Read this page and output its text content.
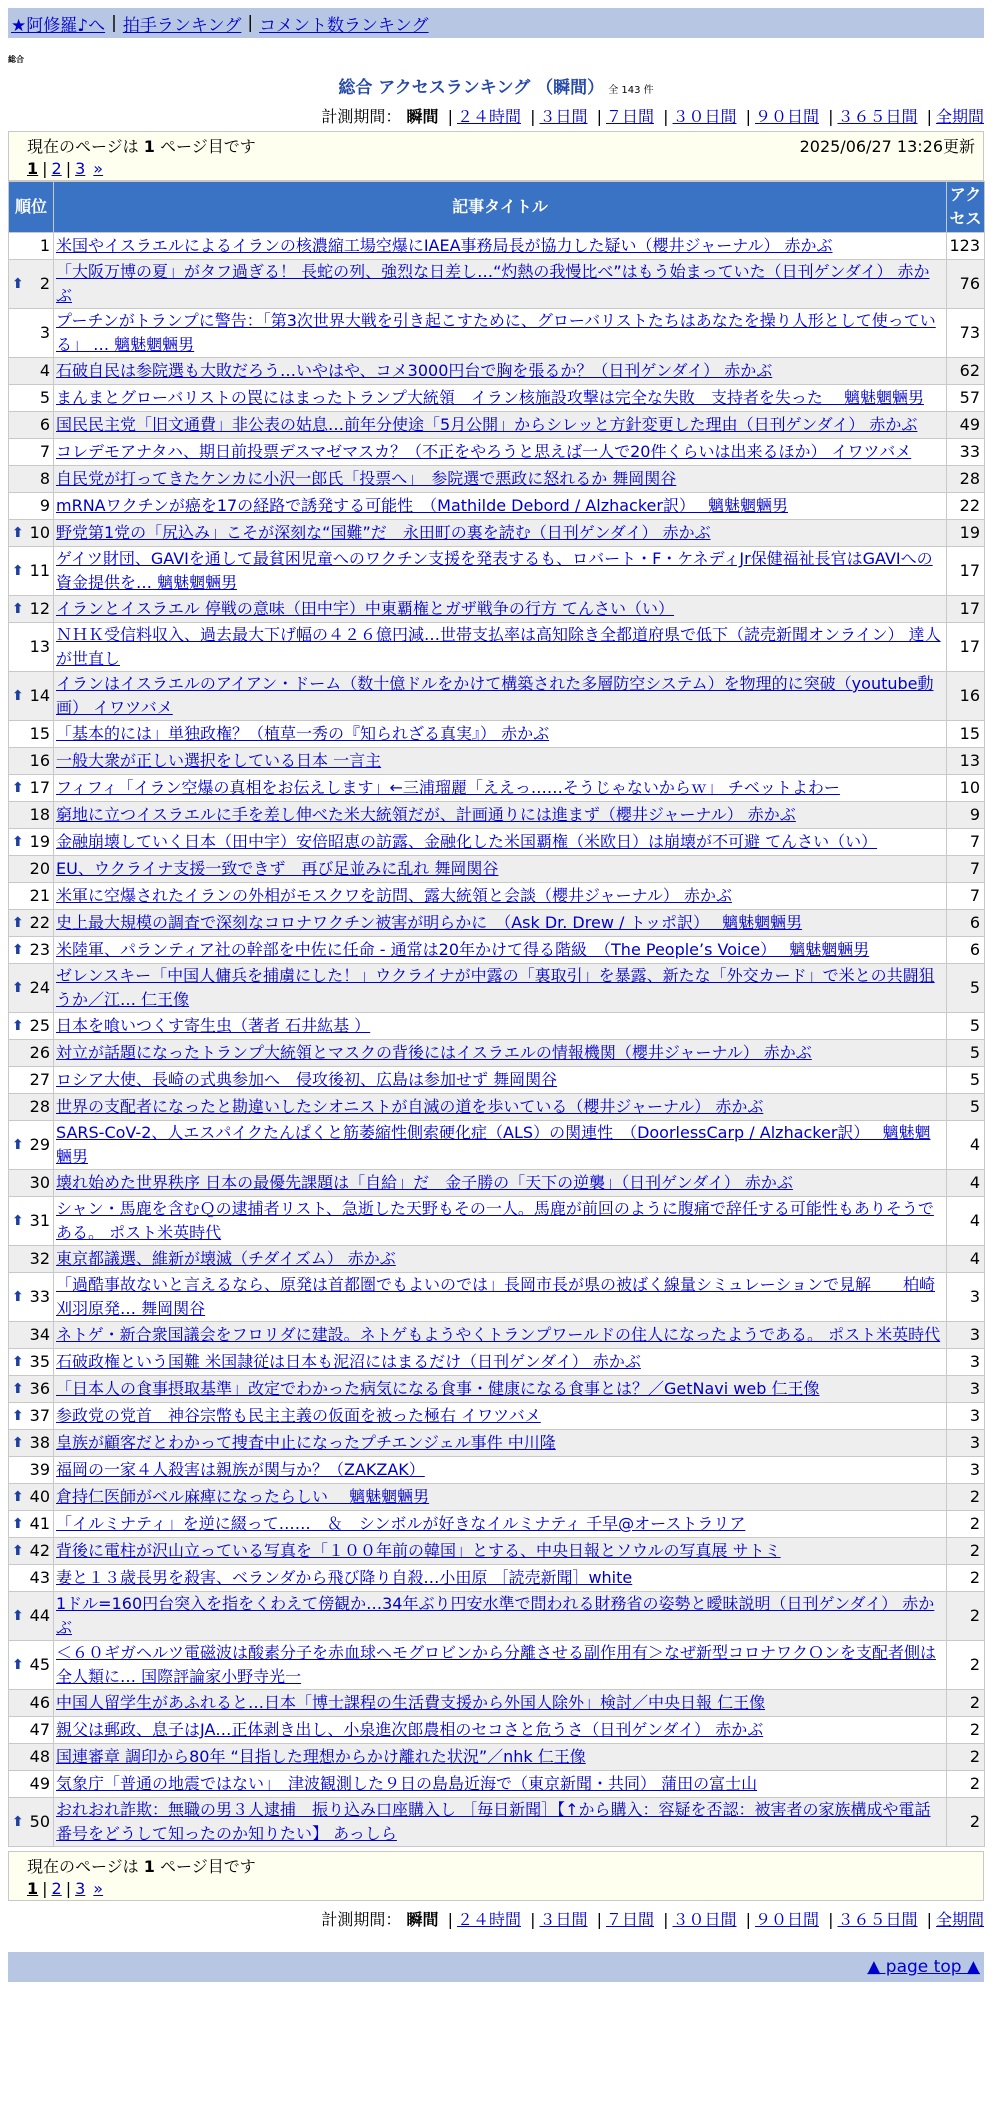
★阿修羅♪へ | 拍手ランキング | コメント数ランキング
総合
総合 アクセスランキング （瞬間） 全 143 件
計測期間： 瞬間 | ２４時間 | ３日間 | ７日間 | ３０日間 | ９０日間 | ３６５日間 | 全期間
現在のページは 1 ページ目です	2025/06/27 13:26更新
1 | 2 | 3 »
順位	記事タイトル	アクセス
1	米国やイスラエルによるイランの核濃縮工場空爆にIAEA事務局長が協力した疑い（櫻井ジャーナル） 赤かぶ	123

⬆ 2	「大阪万博の夏」がタフ過ぎる！ 長蛇の列、強烈な日差し…“灼熱の我慢比べ”はもう始まっていた（日刊ゲンダイ） 赤かぶ	76
3	プーチンがトランプに警告：「第3次世界大戦を引き起こすために、グローバリストたちはあなたを操り人形として使っている」 … 魑魅魍魎男	73
4	石破自民は参院選も大敗だろう…いやはや、コメ3000円台で胸を張るか？（日刊ゲンダイ） 赤かぶ	62
5	まんまとグローバリストの罠にはまったトランプ大統領　イラン核施設攻撃は完全な失敗　支持者を失った　 魑魅魍魎男	57
6	国民民主党「旧文通費」非公表の姑息…前年分使途「5月公開」からシレッと方針変更した理由（日刊ゲンダイ） 赤かぶ	49
7	コレデモアナタハ、期日前投票デスマゼマスカ？（不正をやろうと思えば一人で20件くらいは出来るほか） イワツバメ	33
8	自民党が打ってきたケンカに小沢一郎氏「投票へ」　参院選で悪政に怒れるか 舞岡関谷	28
9	mRNAワクチンが癌を17の経路で誘発する可能性　（Mathilde Debord / Alzhacker訳）　 魑魅魍魎男	22

⬆ 10	野党第1党の「尻込み」こそが深刻な“国難”だ　永田町の裏を読む（日刊ゲンダイ） 赤かぶ	19

⬆ 11	ゲイツ財団、GAVIを通して最貧困児童へのワクチン支援を発表するも、ロバート・F・ケネディJr保健福祉長官はGAVIへの資金提供を… 魑魅魍魎男	17

⬆ 12	イランとイスラエル 停戦の意味（田中宇）中東覇権とガザ戦争の行方 てんさい（い）	17
13	ＮＨＫ受信料収入、過去最大下げ幅の４２６億円減…世帯支払率は高知除き全都道府県で低下（読売新聞オンライン） 達人が世直し	17

⬆ 14	イランはイスラエルのアイアン・ドーム（数十億ドルをかけて構築された多層防空システム）を物理的に突破（youtube動画） イワツバメ	16
15	「基本的には」単独政権？（植草一秀の『知られざる真実』） 赤かぶ	15
16	一般大衆が正しい選択をしている日本 一言主	13

⬆ 17	フィフィ「イラン空爆の真相をお伝えします」←三浦瑠麗「ええっ……そうじゃないからｗ」 チベットよわー	10
18	窮地に立つイスラエルに手を差し伸べた米大統領だが、計画通りには進まず（櫻井ジャーナル） 赤かぶ	9

⬆ 19	金融崩壊していく日本（田中宇）安倍昭恵の訪露、金融化した米国覇権（米欧日）は崩壊が不可避 てんさい（い）	7
20	EU、ウクライナ支援一致できず　再び足並みに乱れ 舞岡関谷	7
21	米軍に空爆されたイランの外相がモスクワを訪問、露大統領と会談（櫻井ジャーナル） 赤かぶ	7

⬆ 22	史上最大規模の調査で深刻なコロナワクチン被害が明らかに　（Ask Dr. Drew / トッポ訳）　 魑魅魍魎男	6

⬆ 23	米陸軍、パランティア社の幹部を中佐に任命 - 通常は20年かけて得る階級　（The People’s Voice）　 魑魅魍魎男	6

⬆ 24	ゼレンスキー「中国人傭兵を捕虜にした！」ウクライナが中露の「裏取引」を暴露、新たな「外交カード」で米との共闘狙うか／江… 仁王像	5

⬆ 25	日本を喰いつくす寄生虫（著者 石井紘基 ）	5
26	対立が話題になったトランプ大統領とマスクの背後にはイスラエルの情報機関（櫻井ジャーナル） 赤かぶ	5
27	ロシア大使、長崎の式典参加へ　侵攻後初、広島は参加せず 舞岡関谷	5
28	世界の支配者になったと勘違いしたシオニストが自滅の道を歩いている（櫻井ジャーナル） 赤かぶ	5

⬆ 29	SARS-CoV-2、人エスパイクたんぱくと筋萎縮性側索硬化症（ALS）の関連性　（DoorlessCarp / Alzhacker訳）　 魑魅魍魎男	4
30	壊れ始めた世界秩序 日本の最優先課題は「自給」だ　金子勝の「天下の逆襲」（日刊ゲンダイ） 赤かぶ	4

⬆ 31	シャン・馬鹿を含むＱの逮捕者リスト、急逝した天野もその一人。馬鹿が前回のように腹痛で辞任する可能性もありそうである。 ポスト米英時代	4
32	東京都議選、維新が壊滅（チダイズム） 赤かぶ	4

⬆ 33	「過酷事故ないと言えるなら、原発は首都圏でもよいのでは」長岡市長が県の被ばく線量シミュレーションで見解　　柏崎刈羽原発… 舞岡関谷	3
34	ネトゲ・新合衆国議会をフロリダに建設。ネトゲもようやくトランプワールドの住人になったようである。 ポスト米英時代	3

⬆ 35	石破政権という国難 米国隷従は日本も泥沼にはまるだけ（日刊ゲンダイ） 赤かぶ	3

⬆ 36	「日本人の食事摂取基準」改定でわかった病気になる食事・健康になる食事とは？／GetNavi web 仁王像	3

⬆ 37	参政党の党首　神谷宗幣も民主主義の仮面を被った極右 イワツバメ	3

⬆ 38	皇族が顧客だとわかって捜査中止になったプチエンジェル事件 中川隆	3
39	福岡の一家４人殺害は親族が関与か？（ZAKZAK）	3

⬆ 40	倉持仁医師がベル麻痺になったらしい　 魑魅魍魎男	2

⬆ 41	「イルミナティ」を逆に綴って……　＆　シンボルが好きなイルミナティ 千早@オーストラリア	2

⬆ 42	背後に電柱が沢山立っている写真を「１００年前の韓国」とする、中央日報とソウルの写真展 サトミ	2
43	妻と１３歳長男を殺害、ベランダから飛び降り自殺…小田原 ［読売新聞］white	2

⬆ 44	1ドル=160円台突入を指をくわえて傍観か…34年ぶり円安水準で問われる財務省の姿勢と曖昧説明（日刊ゲンダイ） 赤かぶ	2

⬆ 45	＜６０ギガヘルツ電磁波は酸素分子を赤血球ヘモグロビンから分離させる副作用有＞なぜ新型コロナワクＯンを支配者側は全人類に… 国際評論家小野寺光一	2
46	中国人留学生があふれると…日本「博士課程の生活費支援から外国人除外」検討／中央日報 仁王像	2
47	親父は郵政、息子はJA…正体剥き出し、小泉進次郎農相のセコさと危うさ（日刊ゲンダイ） 赤かぶ	2
48	国連審章 調印から80年 “目指した理想からかけ離れた状況”／nhk 仁王像	2
49	気象庁「普通の地震ではない」　津波観測した９日の島島近海で（東京新聞・共同） 蒲田の富士山	2

⬆ 50	おれおれ詐欺：無職の男３人逮捕　振り込み口座購入し ［毎日新聞］【↑から購入：容疑を否認：被害者の家族構成や電話番号をどうして知ったのか知りたい】 あっしら	2
現在のページは 1 ページ目です
1 | 2 | 3 »
計測期間： 瞬間 | ２４時間 | ３日間 | ７日間 | ３０日間 | ９０日間 | ３６５日間 | 全期間
▲ page top ▲
